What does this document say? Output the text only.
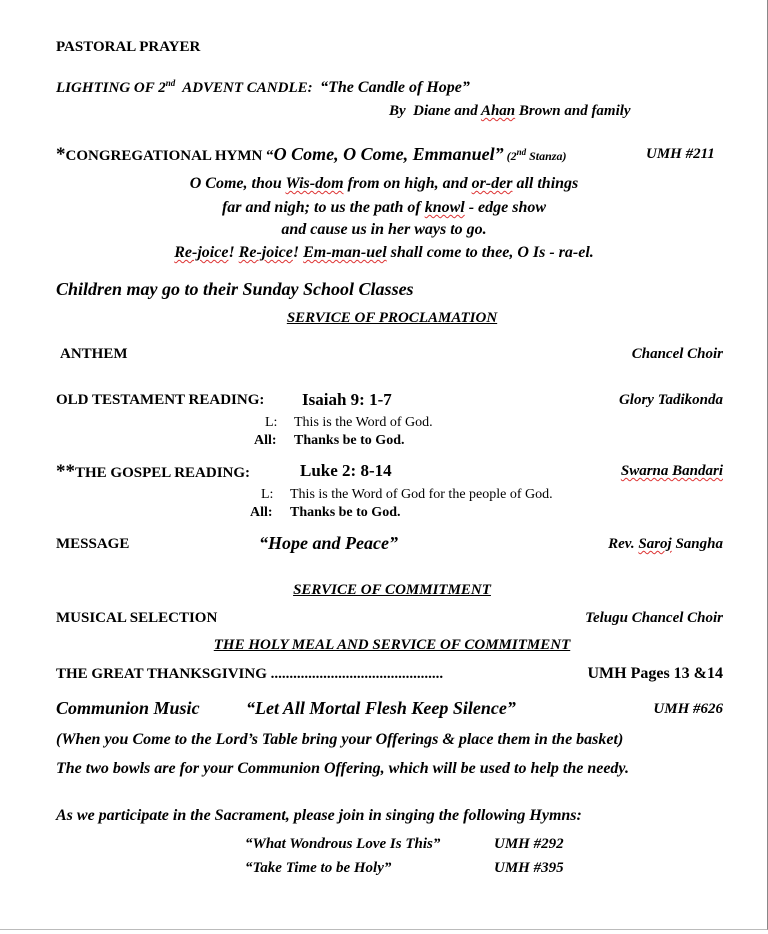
PASTORAL PRAYER
LIGHTING OF 2nd  ADVENT CANDLE:  “The Candle of Hope”
By  Diane and Ahan Brown and family
*CONGREGATIONAL HYMN “O Come, O Come, Emmanuel” (2nd Stanza)	UMH #211
O Come, thou Wis-dom from on high, and or-der all things
far and nigh; to us the path of knowl - edge show
and cause us in her ways to go.
Re-joice! Re-joice! Em-man-uel shall come to thee, O Is - ra-el.
Children may go to their Sunday School Classes
SERVICE OF PROCLAMATION
ANTHEM	Chancel Choir
OLD TESTAMENT READING: Isaiah 9: 1-7	Glory Tadikonda
L: This is the Word of God.
All: Thanks be to God.
**THE GOSPEL READING:	Luke 2: 8-14	Swarna Bandari
L: This is the Word of God for the people of God.
All: Thanks be to God.
MESSAGE	“Hope and Peace”	Rev. Saroj Sangha
SERVICE OF COMMITMENT
MUSICAL SELECTION	Telugu Chancel Choir
THE HOLY MEAL AND SERVICE OF COMMITMENT
THE GREAT THANKSGIVING ..............................................	UMH Pages 13 &14
Communion Music	“Let All Mortal Flesh Keep Silence”	UMH #626
(When you Come to the Lord’s Table bring your Offerings & place them in the basket)
The two bowls are for your Communion Offering, which will be used to help the needy.
As we participate in the Sacrament, please join in singing the following Hymns:
“What Wondrous Love Is This”	UMH #292
“Take Time to be Holy”	UMH #395
